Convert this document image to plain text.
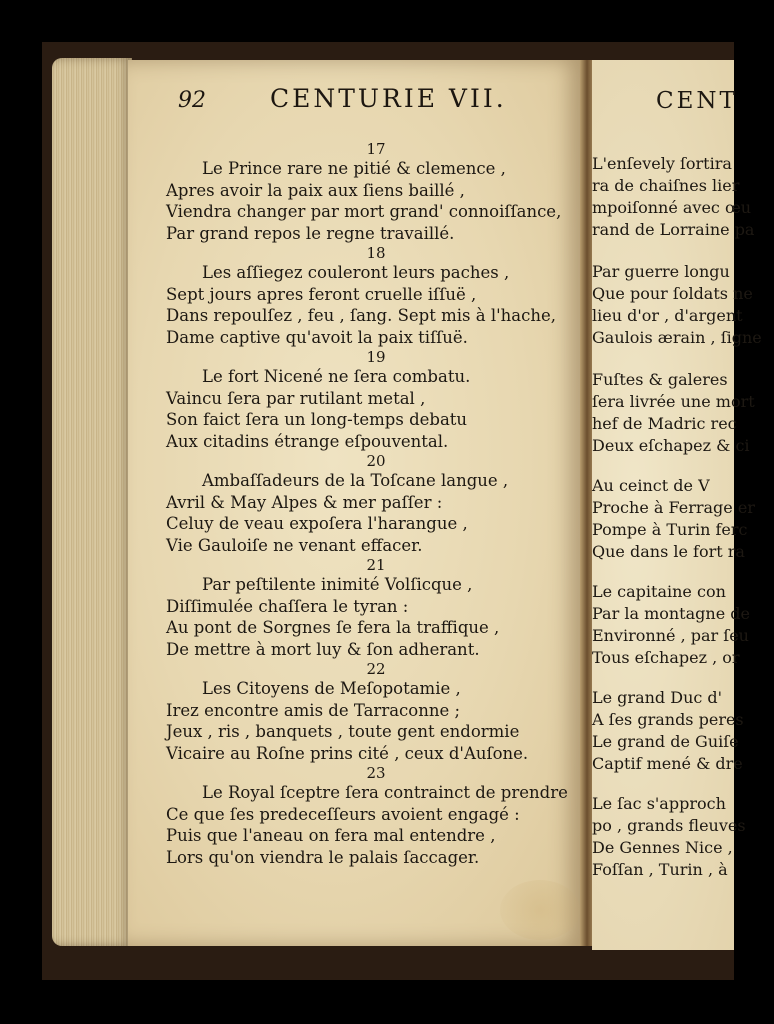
92	CENTURIE VII.
17
Le Prince rare ne pitié & clemence ,
Apres avoir la paix aux ſiens baillé ,
Viendra changer par mort grand' connoiſſance,
Par grand repos le regne travaillé.
18
Les aſſiegez couleront leurs paches ,
Sept jours apres feront cruelle iſſuë ,
Dans repoulſez , feu , ſang. Sept mis à l'hache,
Dame captive qu'avoit la paix tiſſuë.
19
Le fort Nicené ne ſera combatu.
Vaincu ſera par rutilant metal ,
Son faict ſera un long-temps debatu
Aux citadins étrange eſpouvental.
20
Ambaſſadeurs de la Toſcane langue ,
Avril & May Alpes & mer paſſer :
Celuy de veau expoſera l'harangue ,
Vie Gauloiſe ne venant effacer.
21
Par peſtilente inimité Volſicque ,
Diſſimulée chaſſera le tyran :
Au pont de Sorgnes ſe fera la traffique ,
De mettre à mort luy & ſon adherant.
22
Les Citoyens de Meſopotamie ,
Irez encontre amis de Tarraconne ;
Jeux , ris , banquets , toute gent endormie
Vicaire au Roſne prins cité , ceux d'Auſone.
23
Le Royal ſceptre ſera contrainct de prendre
Ce que ſes predeceſſeurs avoient engagé :
Puis que l'aneau on fera mal entendre ,
Lors qu'on viendra le palais ſaccager.
CENT
L'enſevely ſortira
ra de chaiſnes lier
mpoiſonné avec œu
rand de Lorraine pa
Par guerre longu
Que pour ſoldats ne
lieu d'or , d'argent
Gaulois ærain , ſigne
Fuſtes & galeres
ſera livrée une mort
hef de Madric rec
Deux eſchapez & ci
Au ceinct de V
Proche à Ferrage er
Pompe à Turin ferc
Que dans le fort ra
Le capitaine con
Par la montagne de
Environné , par ſeu
Tous eſchapez , or
Le grand Duc d'
A ſes grands peres
Le grand de Guiſe
Captif mené & dre
Le ſac s'approch
po , grands fleuves
De Gennes Nice ,
Foſſan , Turin , à
